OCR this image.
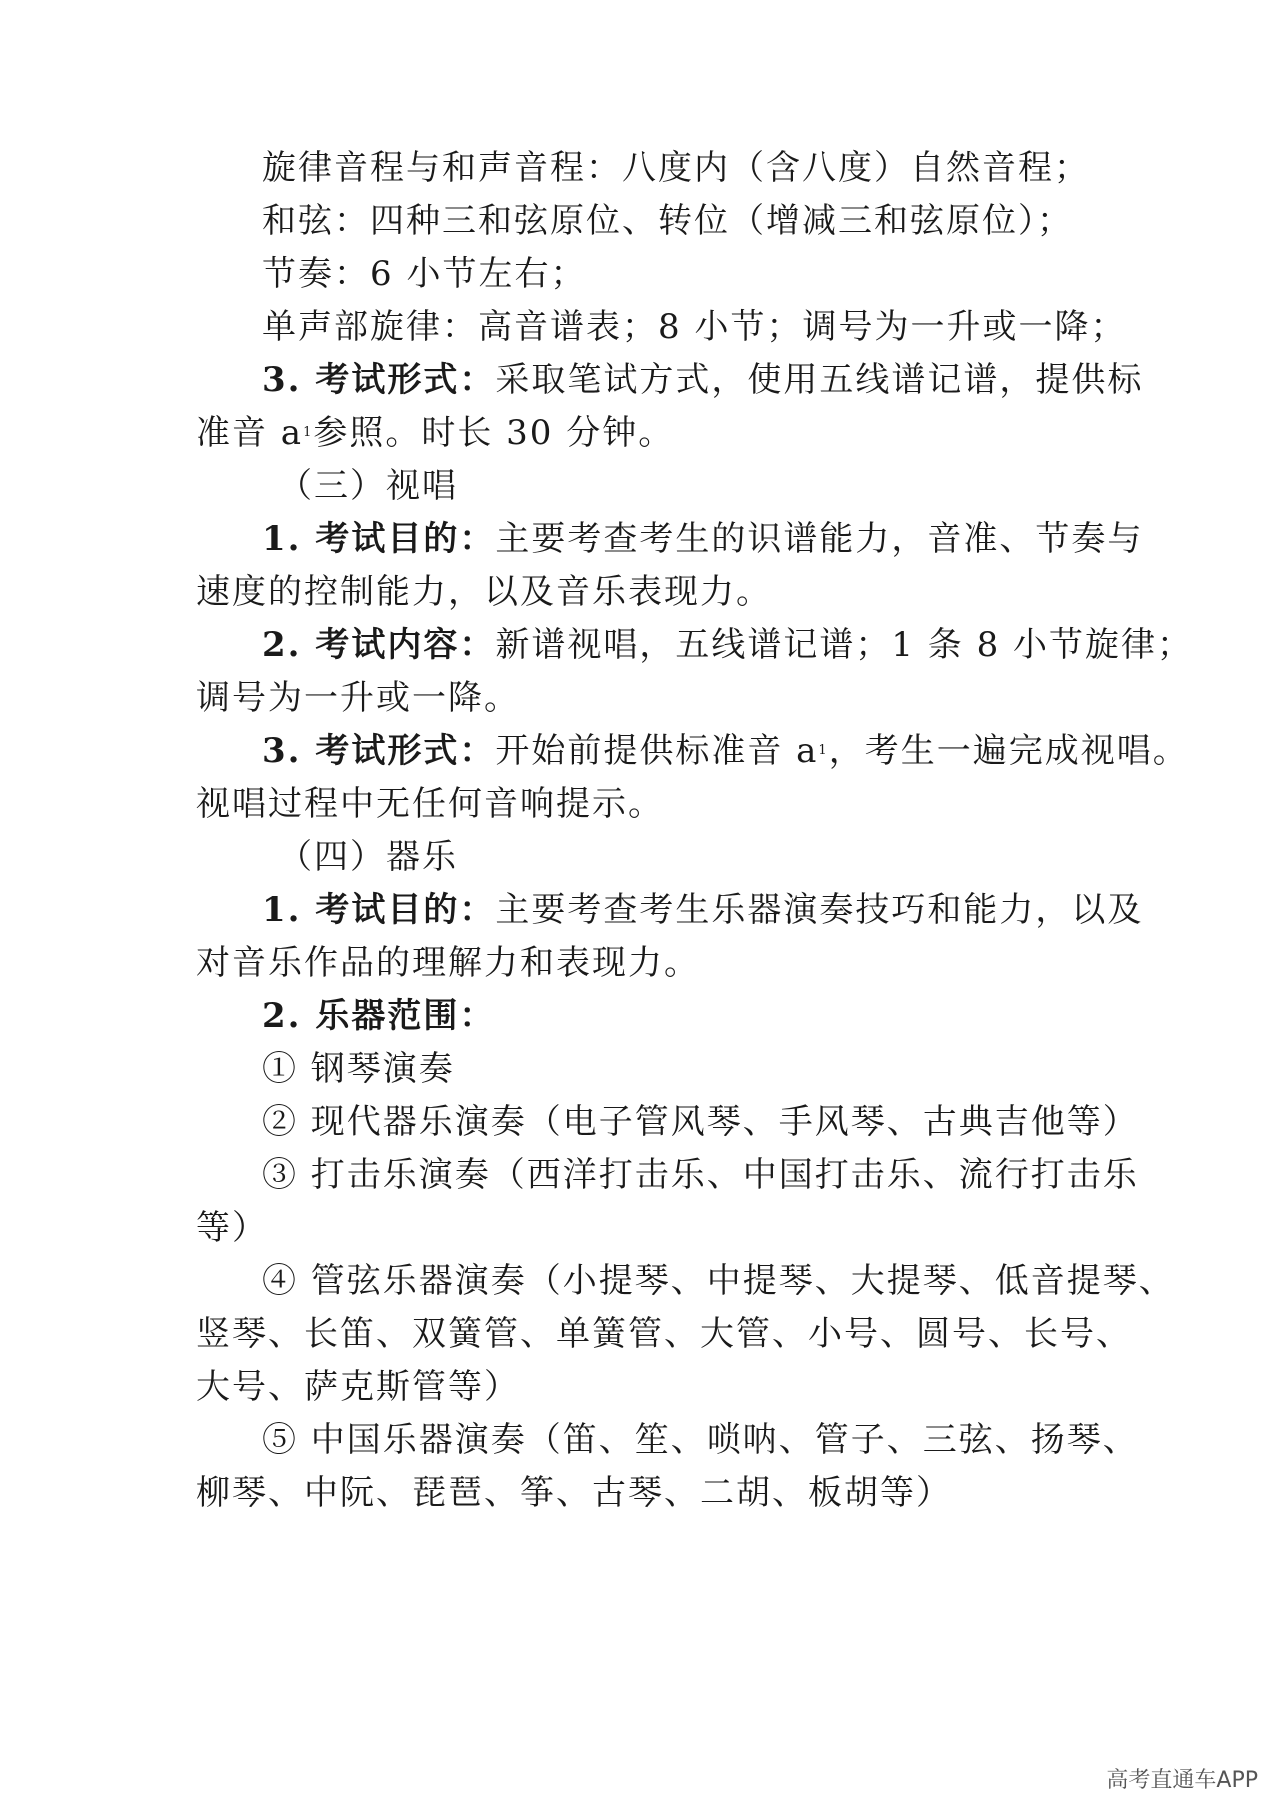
旋律音程与和声音程：八度内（含八度）自然音程；
和弦：四种三和弦原位、转位（增减三和弦原位）；
节奏：6 小节左右；
单声部旋律：高音谱表；8 小节；调号为一升或一降；
3. 考试形式：采取笔试方式，使用五线谱记谱，提供标
准音 $a^1$参照。时长 30 分钟。
（三）视唱
1. 考试目的：主要考查考生的识谱能力，音准、节奏与
速度的控制能力，以及音乐表现力。
2. 考试内容：新谱视唱，五线谱记谱；1 条 8 小节旋律；
调号为一升或一降。
3. 考试形式：开始前提供标准音 $a^1$，考生一遍完成视唱。
视唱过程中无任何音响提示。
（四）器乐
1. 考试目的：主要考查考生乐器演奏技巧和能力，以及
对音乐作品的理解力和表现力。
2. 乐器范围：
① 钢琴演奏
② 现代器乐演奏（电子管风琴、手风琴、古典吉他等）
③ 打击乐演奏（西洋打击乐、中国打击乐、流行打击乐
等）
④ 管弦乐器演奏（小提琴、中提琴、大提琴、低音提琴、
竖琴、长笛、双簧管、单簧管、大管、小号、圆号、长号、
大号、萨克斯管等）
⑤ 中国乐器演奏（笛、笙、唢呐、管子、三弦、扬琴、
柳琴、中阮、琵琶、筝、古琴、二胡、板胡等）
高考直通车APP
